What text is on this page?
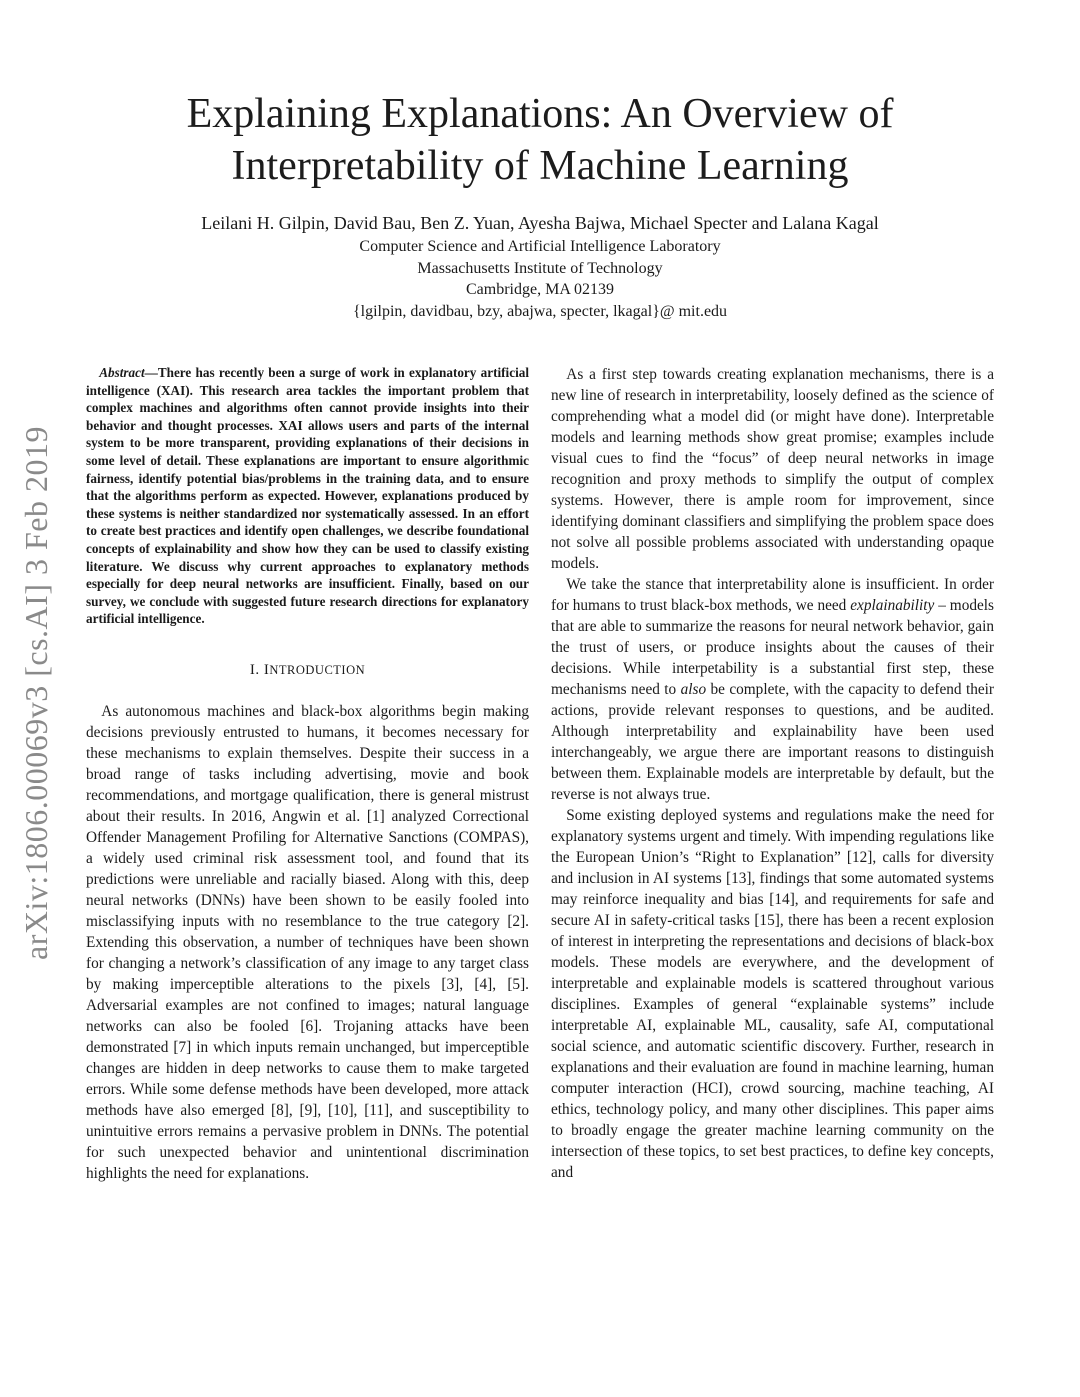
Explaining Explanations: An Overview of
Interpretability of Machine Learning
Leilani H. Gilpin, David Bau, Ben Z. Yuan, Ayesha Bajwa, Michael Specter and Lalana Kagal
Computer Science and Artificial Intelligence Laboratory
Massachusetts Institute of Technology
Cambridge, MA 02139
{lgilpin, davidbau, bzy, abajwa, specter, lkagal}@ mit.edu
arXiv:1806.00069v3 [cs.AI] 3 Feb 2019

Abstract—There has recently been a surge of work in explanatory artificial intelligence (XAI). This research area tackles the important problem that complex machines and algorithms often cannot provide insights into their behavior and thought processes. XAI allows users and parts of the internal system to be more transparent, providing explanations of their decisions in some level of detail. These explanations are important to ensure algorithmic fairness, identify potential bias/problems in the training data, and to ensure that the algorithms perform as expected. However, explanations produced by these systems is neither standardized nor systematically assessed. In an effort to create best practices and identify open challenges, we describe foundational concepts of explainability and show how they can be used to classify existing literature. We discuss why current approaches to explanatory methods especially for deep neural networks are insufficient. Finally, based on our survey, we conclude with suggested future research directions for explanatory artificial intelligence.

I. INTRODUCTION

As autonomous machines and black-box algorithms begin making decisions previously entrusted to humans, it becomes necessary for these mechanisms to explain themselves. Despite their success in a broad range of tasks including advertising, movie and book recommendations, and mortgage qualification, there is general mistrust about their results. In 2016, Angwin et al. [1] analyzed Correctional Offender Management Profiling for Alternative Sanctions (COMPAS), a widely used criminal risk assessment tool, and found that its predictions were unreliable and racially biased. Along with this, deep neural networks (DNNs) have been shown to be easily fooled into misclassifying inputs with no resemblance to the true category [2]. Extending this observation, a number of techniques have been shown for changing a network’s classification of any image to any target class by making imperceptible alterations to the pixels [3], [4], [5]. Adversarial examples are not confined to images; natural language networks can also be fooled [6]. Trojaning attacks have been demonstrated [7] in which inputs remain unchanged, but imperceptible changes are hidden in deep networks to cause them to make targeted errors. While some defense methods have been developed, more attack methods have also emerged [8], [9], [10], [11], and susceptibility to unintuitive errors remains a pervasive problem in DNNs. The potential for such unexpected behavior and unintentional discrimination highlights the need for explanations.

As a first step towards creating explanation mechanisms, there is a new line of research in interpretability, loosely defined as the science of comprehending what a model did (or might have done). Interpretable models and learning methods show great promise; examples include visual cues to find the “focus” of deep neural networks in image recognition and proxy methods to simplify the output of complex systems. However, there is ample room for improvement, since identifying dominant classifiers and simplifying the problem space does not solve all possible problems associated with understanding opaque models.

We take the stance that interpretability alone is insufficient. In order for humans to trust black-box methods, we need explainability – models that are able to summarize the reasons for neural network behavior, gain the trust of users, or produce insights about the causes of their decisions. While interpetability is a substantial first step, these mechanisms need to also be complete, with the capacity to defend their actions, provide relevant responses to questions, and be audited. Although interpretability and explainability have been used interchangeably, we argue there are important reasons to distinguish between them. Explainable models are interpretable by default, but the reverse is not always true.

Some existing deployed systems and regulations make the need for explanatory systems urgent and timely. With impending regulations like the European Union’s “Right to Explanation” [12], calls for diversity and inclusion in AI systems [13], findings that some automated systems may reinforce inequality and bias [14], and requirements for safe and secure AI in safety-critical tasks [15], there has been a recent explosion of interest in interpreting the representations and decisions of black-box models. These models are everywhere, and the development of interpretable and explainable models is scattered throughout various disciplines. Examples of general “explainable systems” include interpretable AI, explainable ML, causality, safe AI, computational social science, and automatic scientific discovery. Further, research in explanations and their evaluation are found in machine learning, human computer interaction (HCI), crowd sourcing, machine teaching, AI ethics, technology policy, and many other disciplines. This paper aims to broadly engage the greater machine learning community on the intersection of these topics, to set best practices, to define key concepts, and
